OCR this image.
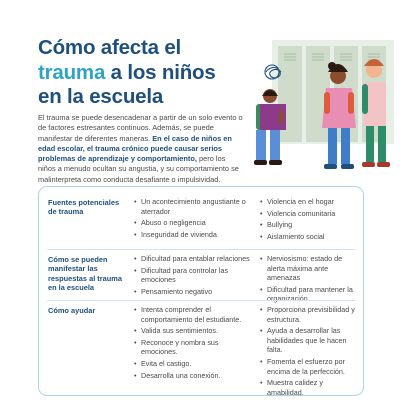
Cómo afecta el
trauma a los niños
en la escuela
El trauma se puede desencadenar a partir de un solo evento o de factores estresantes continuos. Además, se puede manifestar de diferentes maneras. En el caso de niños en edad escolar, el trauma crónico puede causar serios problemas de aprendizaje y comportamiento, pero los niños a menudo ocultan su angustia, y su comportamiento se malinterpreta como conducta desafiante o impulsividad.
Fuentes potenciales de trauma
• Un acontecimiento angustiante o aterrador
• Abuso o negligencia
• Inseguridad de vivienda
• Violencia en el hogar
• Violencia comunitaria
• Bullying
• Aislamiento social
Cómo se pueden manifestar las respuestas al trauma en la escuela
• Dificultad para entablar relaciones
• Dificultad para controlar las emociones
• Pensamiento negativo
• Nerviosismo: estado de alerta máxima ante amenazas
• Dificultad para mantener la organización
Cómo ayudar
•	Intenta comprender el comportamiento del estudiante.
• Valida sus sentimientos.
• Reconoce y nombra sus emociones.
• Evita el castigo.
• Desarrolla una conexión.
• Proporciona previsibilidad y estructura.
• Ayuda a desarrollar las habilidades que le hacen falta.
• Fomenta el esfuerzo por encima de la perfección.
• Muestra calidez y amabilidad.
